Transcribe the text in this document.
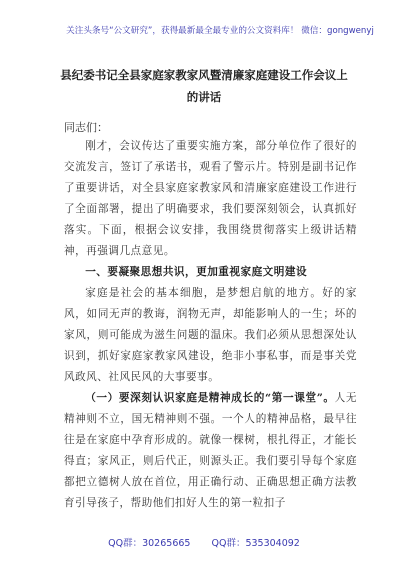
关注头条号“公文研究”，获得最新最全最专业的公文资料库！ 微信：gongwenyj
县纪委书记全县家庭家教家风暨清廉家庭建设工作会议上
的讲话
同志们：

刚才，会议传达了重要实施方案，部分单位作了很好的交流发言，签订了承诺书，观看了警示片。特别是副书记作了重要讲话，对全县家庭家教家风和清廉家庭建设工作进行了全面部署，提出了明确要求，我们要深刻领会，认真抓好落实。下面，根据会议安排，我围绕贯彻落实上级讲话精神，再强调几点意见。

一、要凝聚思想共识，更加重视家庭文明建设

家庭是社会的基本细胞，是梦想启航的地方。好的家风，如同无声的教诲，润物无声，却能影响人的一生；坏的家风，则可能成为滋生问题的温床。我们必须从思想深处认识到，抓好家庭家教家风建设，绝非小事私事，而是事关党风政风、社风民风的大事要事。

（一）要深刻认识家庭是精神成长的“第一课堂”。人无精神则不立，国无精神则不强。一个人的精神品格，最早往往是在家庭中孕育形成的。就像一棵树，根扎得正，才能长得直；家风正，则后代正，则源头正。我们要引导每个家庭都把立德树人放在首位，用正确行动、正确思想正确方法教育引导孩子，帮助他们扣好人生的第一粒扣子

QQ群：30265665 QQ群：535304092
